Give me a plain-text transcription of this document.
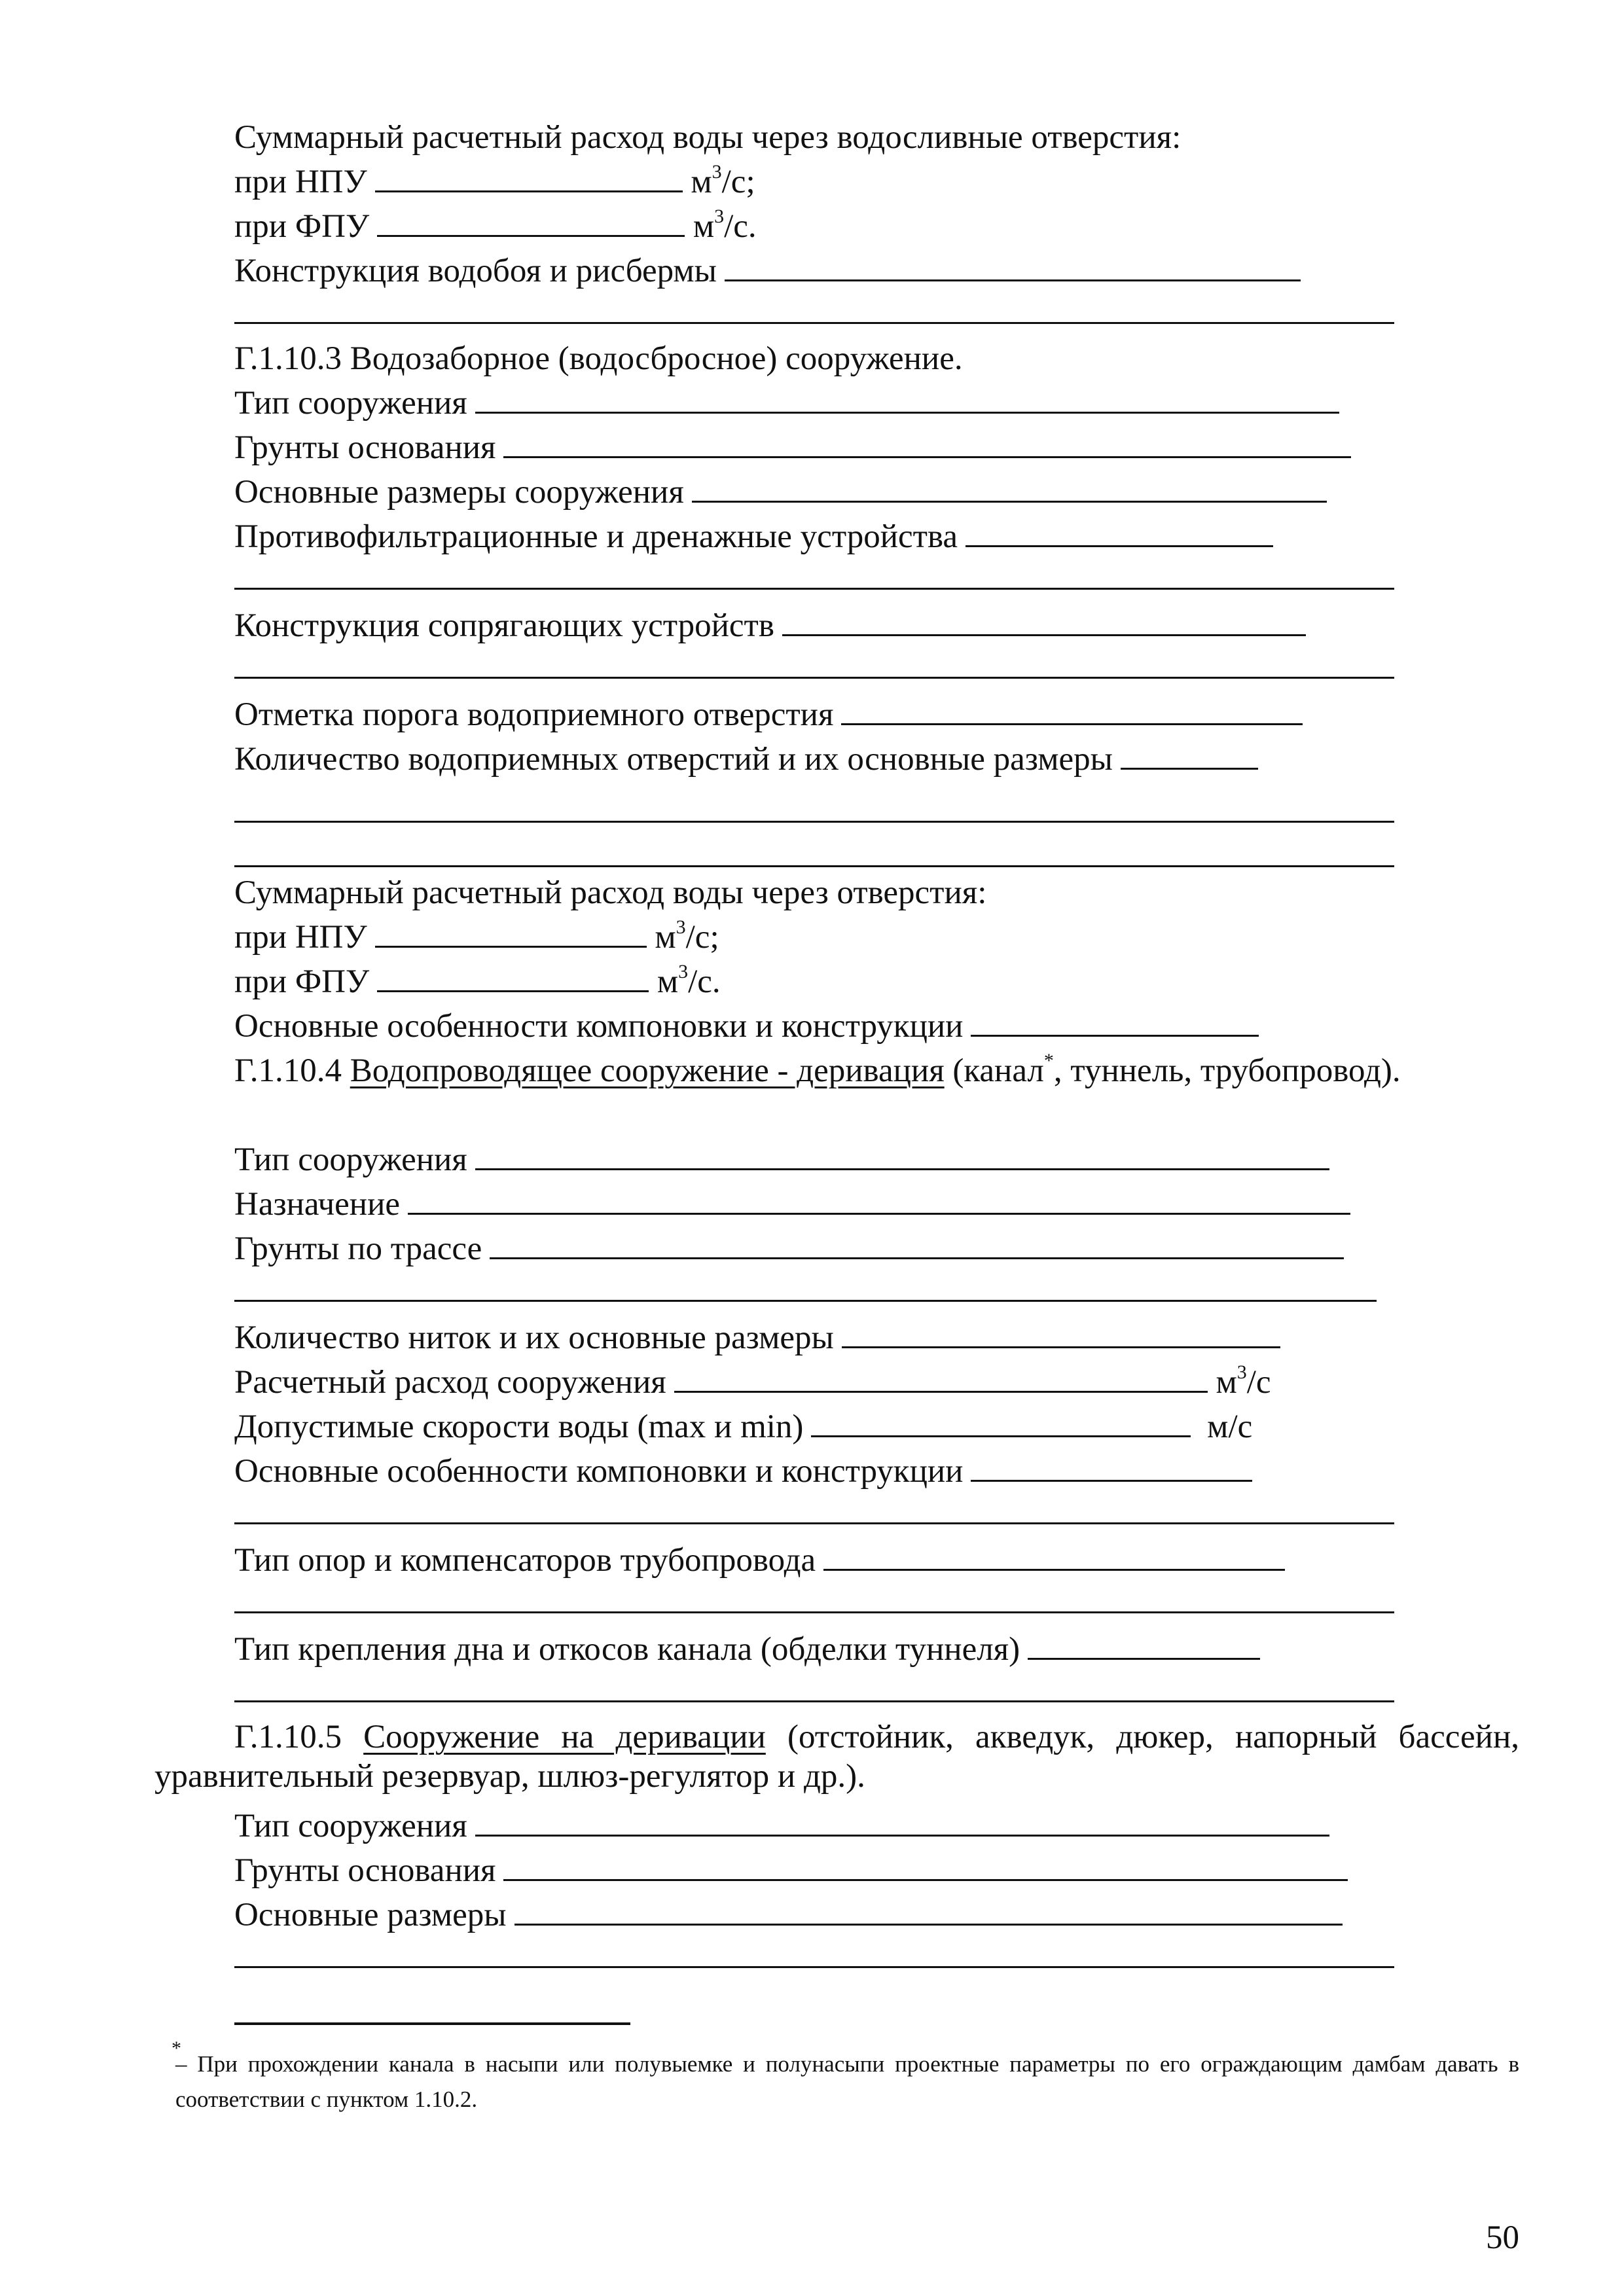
Суммарный расчетный расход воды через водосливные отверстия:
при НПУ	$м^3/с$;
при ФПУ	$м^3/с$.
Конструкция водобоя и рисбермы
Г.1.10.3 Водозаборное (водосбросное) сооружение.
Тип сооружения
Грунты основания
Основные размеры сооружения
Противофильтрационные и дренажные устройства
Конструкция сопрягающих устройств
Отметка порога водоприемного отверстия
Количество водоприемных отверстий и их основные размеры
Суммарный расчетный расход воды через отверстия:
при НПУ	$м^3/с$;
при ФПУ	$м^3/с$.
Основные особенности компоновки и конструкции
Г.1.10.4 Водопроводящее сооружение - деривация (канал*, туннель, трубопровод).
Тип сооружения
Назначение
Грунты по трассе
Количество ниток и их основные размеры
Расчетный расход сооружения	$м^3/с$
Допустимые скорости воды (max и min)	м/с
Основные особенности компоновки и конструкции
Тип опор и компенсаторов трубопровода
Тип крепления дна и откосов канала (обделки туннеля)
Г.1.10.5 Сооружение на деривации (отстойник, акведук, дюкер, напорный бассейн, уравнительный резервуар, шлюз-регулятор и др.).
Тип сооружения
Грунты основания
Основные размеры
*
– При прохождении канала в насыпи или полувыемке и полунасыпи проектные параметры по его ограждающим дамбам давать в соответствии с пунктом 1.10.2.
50
